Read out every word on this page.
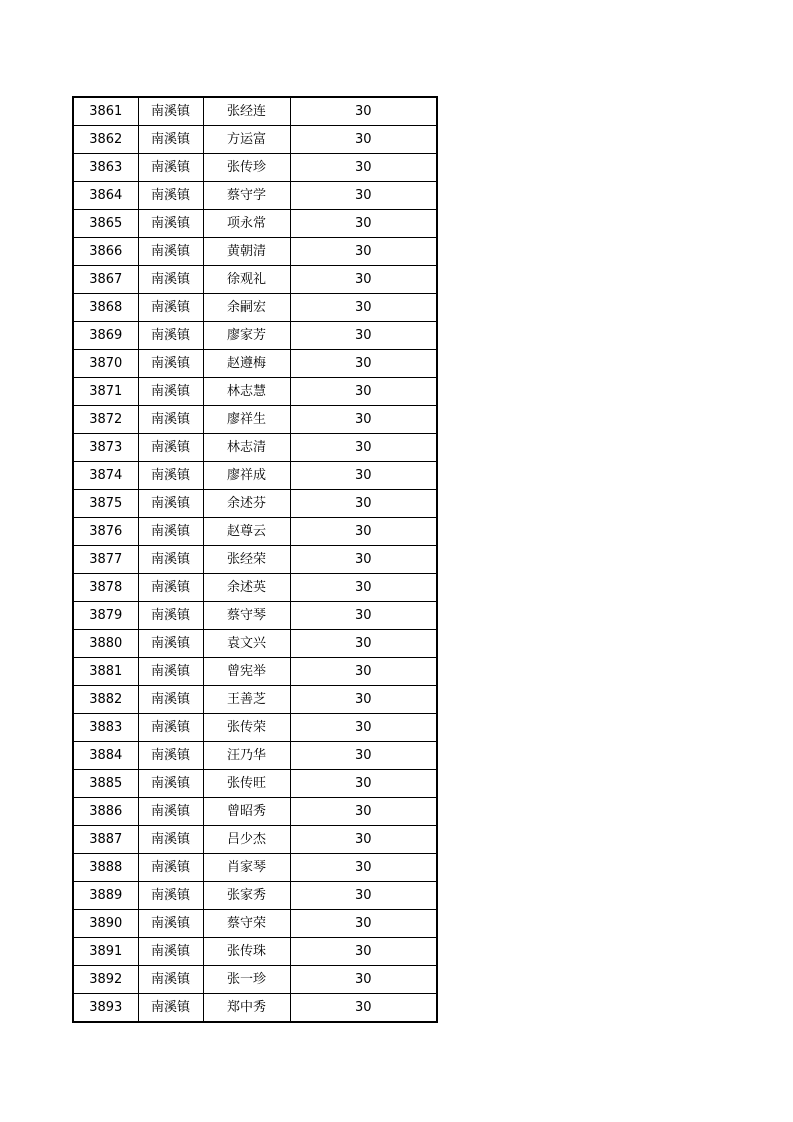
3861	南溪镇	张经连	30
3862	南溪镇	方运富	30
3863	南溪镇	张传珍	30
3864	南溪镇	蔡守学	30
3865	南溪镇	项永常	30
3866	南溪镇	黄朝清	30
3867	南溪镇	徐观礼	30
3868	南溪镇	余嗣宏	30
3869	南溪镇	廖家芳	30
3870	南溪镇	赵遵梅	30
3871	南溪镇	林志慧	30
3872	南溪镇	廖祥生	30
3873	南溪镇	林志清	30
3874	南溪镇	廖祥成	30
3875	南溪镇	余述芬	30
3876	南溪镇	赵尊云	30
3877	南溪镇	张经荣	30
3878	南溪镇	余述英	30
3879	南溪镇	蔡守琴	30
3880	南溪镇	袁文兴	30
3881	南溪镇	曾宪举	30
3882	南溪镇	王善芝	30
3883	南溪镇	张传荣	30
3884	南溪镇	汪乃华	30
3885	南溪镇	张传旺	30
3886	南溪镇	曾昭秀	30
3887	南溪镇	吕少杰	30
3888	南溪镇	肖家琴	30
3889	南溪镇	张家秀	30
3890	南溪镇	蔡守荣	30
3891	南溪镇	张传珠	30
3892	南溪镇	张一珍	30
3893	南溪镇	郑中秀	30
